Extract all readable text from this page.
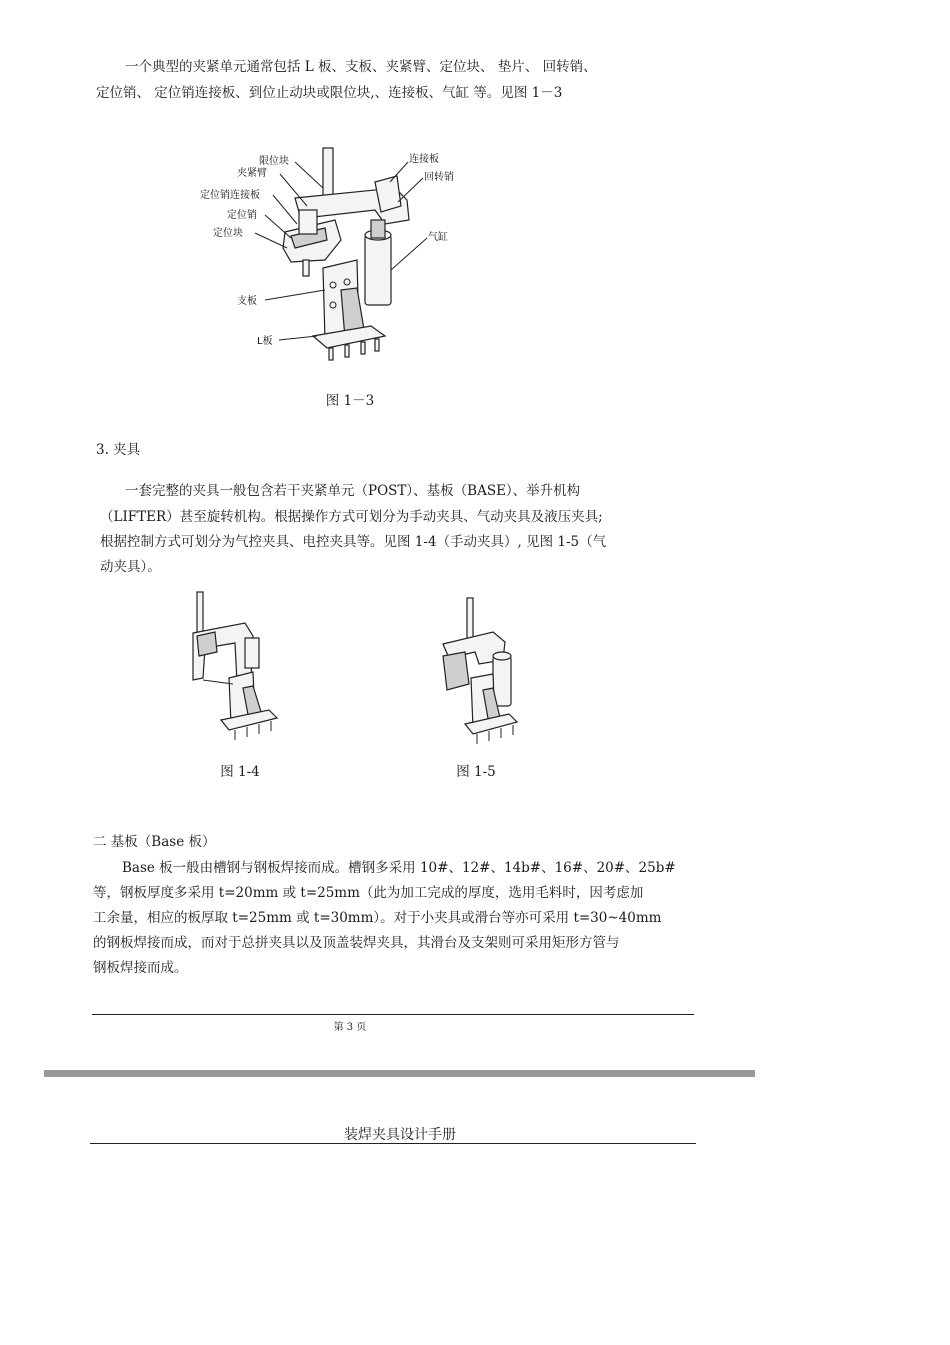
一个典型的夹紧单元通常包括 L 板、支板、夹紧臂、定位块、 垫片、 回转销、

定位销、 定位销连接板、到位止动块或限位块,、连接板、气缸 等。见图 1－3

限位块
夹紧臂
定位销连接板
定位销
定位块
连接板
回转销
气缸
支板
L板
图 1－3

3. 夹具

一套完整的夹具一般包含若干夹紧单元（POST）、基板（BASE）、举升机构

（LIFTER）甚至旋转机构。根据操作方式可划分为手动夹具、气动夹具及液压夹具;

根据控制方式可划分为气控夹具、电控夹具等。见图 1-4（手动夹具）, 见图 1-5（气

动夹具）。

图 1-4	图 1-5

二 基板（Base 板）

Base 板一般由槽钢与钢板焊接而成。槽钢多采用 10#、12#、14b#、16#、20#、25b#

等，钢板厚度多采用 t=20mm 或 t=25mm（此为加工完成的厚度，选用毛料时，因考虑加

工余量，相应的板厚取 t=25mm 或 t=30mm）。对于小夹具或滑台等亦可采用 t=30~40mm

的钢板焊接而成，而对于总拼夹具以及顶盖装焊夹具，其滑台及支架则可采用矩形方管与

钢板焊接而成。

第 3 页
装焊夹具设计手册
